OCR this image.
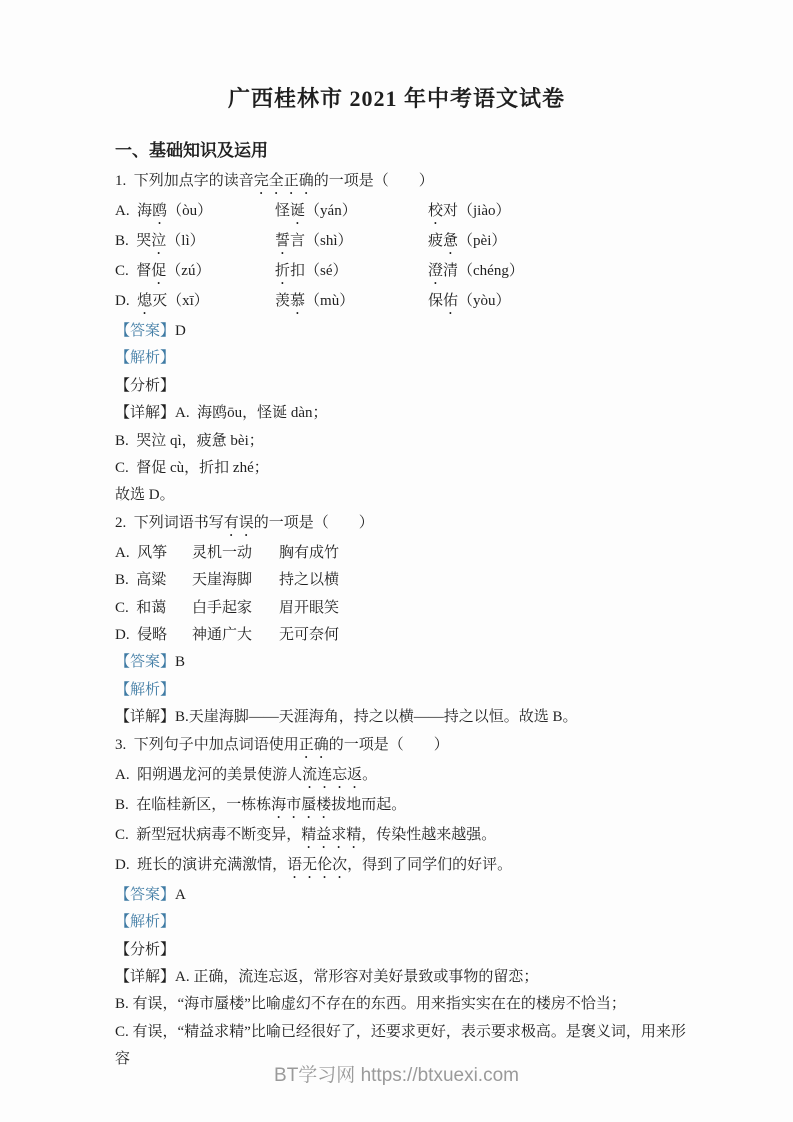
广西桂林市 2021 年中考语文试卷
一、基础知识及运用
1.  下列加点字的读音完全正确的一项是（　　）
A.  海鸥（òu）	怪诞（yán）	校对（jiào）
B.  哭泣（lì）	誓言（shì）	疲惫（pèi）
C.  督促（zú）	折扣（sé）	澄清（chéng）
D.  熄灭（xī）	羡慕（mù）	保佑（yòu）
【答案】D
【解析】
【分析】
【详解】A.  海鸥ōu，怪诞 dàn；
B.  哭泣 qì，疲惫 bèi；
C.  督促 cù，折扣 zhé；
故选 D。
2.  下列词语书写有误的一项是（　　）
A.  风筝	灵机一动	胸有成竹
B.  高粱	天崖海脚	持之以横
C.  和蔼	白手起家	眉开眼笑
D.  侵略	神通广大	无可奈何
【答案】B
【解析】
【详解】B.天崖海脚——天涯海角，持之以横——持之以恒。故选 B。
3.  下列句子中加点词语使用正确的一项是（　　）
A.  阳朔遇龙河的美景使游人流连忘返。
B.  在临桂新区，一栋栋海市蜃楼拔地而起。
C.  新型冠状病毒不断变异，精益求精，传染性越来越强。
D.  班长的演讲充满激情，语无伦次，得到了同学们的好评。
【答案】A
【解析】
【分析】
【详解】A. 正确，流连忘返，常形容对美好景致或事物的留恋；
B. 有误，“海市蜃楼”比喻虚幻不存在的东西。用来指实实在在的楼房不恰当；
C. 有误，“精益求精”比喻已经很好了，还要求更好，表示要求极高。是褒义词，用来形容
BT学习网 https://btxuexi.com
